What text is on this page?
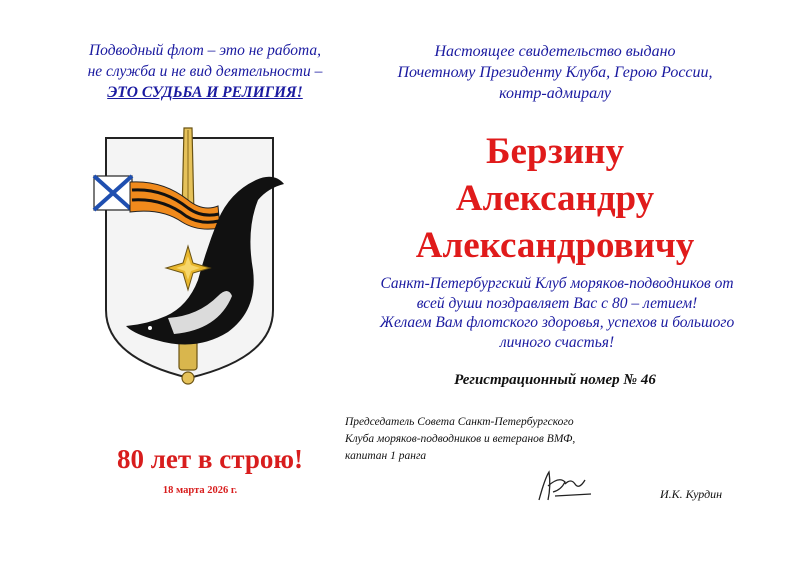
Подводный флот – это не работа,
не служба и не вид деятельности –
ЭТО СУДЬБА И РЕЛИГИЯ!
80 лет в строю!
18 марта 2026 г.
Настоящее свидетельство выдано
Почетному Президенту Клуба, Герою России,
контр-адмиралу
Берзину
Александру
Александровичу
Санкт-Петербургский Клуб моряков-подводников от
всей души поздравляет Вас с 80 – летием!
Желаем Вам флотского здоровья, успехов и большого
личного счастья!
Регистрационный номер № 46
Председатель Совета Санкт-Петербургского
Клуба моряков-подводников и ветеранов ВМФ,
капитан 1 ранга
И.К. Курдин
